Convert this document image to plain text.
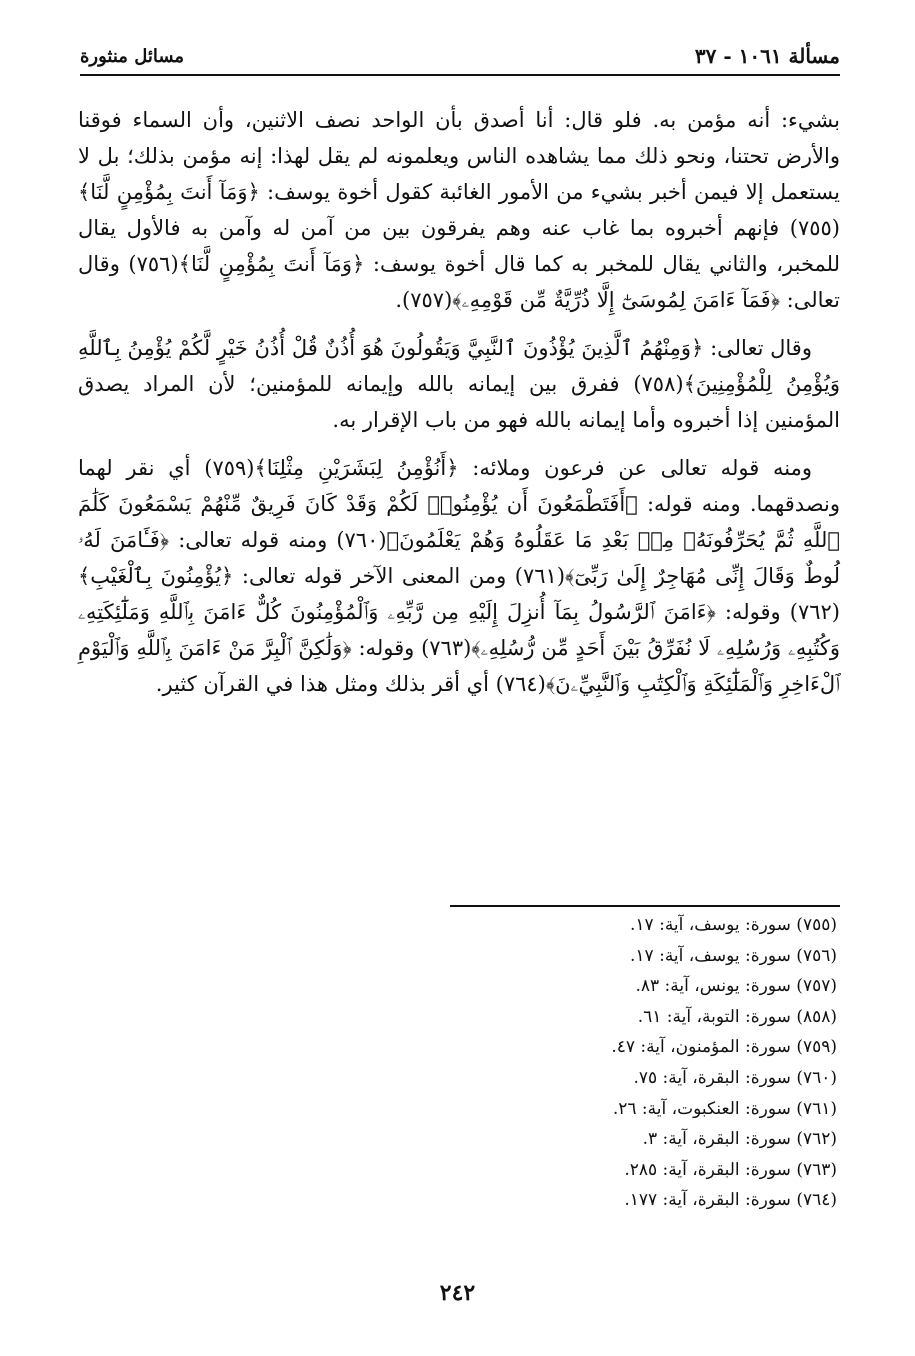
مسألة ١٠٦١ - ٣٧
مسائل منثورة

بشيء: أنه مؤمن به. فلو قال: أنا أصدق بأن الواحد نصف الاثنين، وأن السماء فوقنا والأرض تحتنا، ونحو ذلك مما يشاهده الناس ويعلمونه لم يقل لهذا: إنه مؤمن بذلك؛ بل لا يستعمل إلا فيمن أخبر بشيء من الأمور الغائبة كقول أخوة يوسف: ﴿وَمَآ أَنتَ بِمُؤْمِنٍ لَّنَا﴾(٧٥٥) فإنهم أخبروه بما غاب عنه وهم يفرقون بين من آمن له وآمن به فالأول يقال للمخبر، والثاني يقال للمخبر به كما قال أخوة يوسف: ﴿وَمَآ أَنتَ بِمُؤْمِنٍ لَّنَا﴾(٧٥٦) وقال تعالى: ﴿فَمَآ ءَامَنَ لِمُوسَىٰٓ إِلَّا ذُرِّيَّةٌ مِّن قَوْمِهِۦ﴾(٧٥٧).

وقال تعالى: ﴿وَمِنْهُمُ ٱلَّذِينَ يُؤْذُونَ ٱلنَّبِيَّ وَيَقُولُونَ هُوَ أُذُنٌ قُلْ أُذُنُ خَيْرٍ لَّكُمْ يُؤْمِنُ بِٱللَّهِ وَيُؤْمِنُ لِلْمُؤْمِنِينَ﴾(٧٥٨) ففرق بين إيمانه بالله وإيمانه للمؤمنين؛ لأن المراد يصدق المؤمنين إذا أخبروه وأما إيمانه بالله فهو من باب الإقرار به.

ومنه قوله تعالى عن فرعون وملائه: ﴿أَنُؤْمِنُ لِبَشَرَيْنِ مِثْلِنَا﴾(٧٥٩) أي نقر لهما ونصدقهما. ومنه قوله: ﴿أَفَتَطْمَعُونَ أَن يُؤْمِنُوا۟ لَكُمْ وَقَدْ كَانَ فَرِيقٌ مِّنْهُمْ يَسْمَعُونَ كَلَٰمَ ٱللَّهِ ثُمَّ يُحَرِّفُونَهُۥ مِنۢ بَعْدِ مَا عَقَلُوهُ وَهُمْ يَعْلَمُونَ﴾(٧٦٠) ومنه قوله تعالى: ﴿فَـَٔامَنَ لَهُۥ لُوطٌ وَقَالَ إِنِّى مُهَاجِرٌ إِلَىٰ رَبِّىٓ﴾(٧٦١) ومن المعنى الآخر قوله تعالى: ﴿يُؤْمِنُونَ بِٱلْغَيْبِ﴾(٧٦٢) وقوله: ﴿ءَامَنَ ٱلرَّسُولُ بِمَآ أُنزِلَ إِلَيْهِ مِن رَّبِّهِۦ وَٱلْمُؤْمِنُونَ كُلٌّ ءَامَنَ بِٱللَّهِ وَمَلَٰٓئِكَتِهِۦ وَكُتُبِهِۦ وَرُسُلِهِۦ لَا نُفَرِّقُ بَيْنَ أَحَدٍ مِّن رُّسُلِهِۦ﴾(٧٦٣) وقوله: ﴿وَلَٰكِنَّ ٱلْبِرَّ مَنْ ءَامَنَ بِٱللَّهِ وَٱلْيَوْمِ ٱلْءَاخِرِ وَٱلْمَلَٰٓئِكَةِ وَٱلْكِتَٰبِ وَٱلنَّبِيِّۦنَ﴾(٧٦٤) أي أقر بذلك ومثل هذا في القرآن كثير.

(٧٥٥) سورة: يوسف، آية: ١٧.
(٧٥٦) سورة: يوسف، آية: ١٧.
(٧٥٧) سورة: يونس، آية: ٨٣.
(٨٥٨) سورة: التوبة، آية: ٦١.
(٧٥٩) سورة: المؤمنون، آية: ٤٧.
(٧٦٠) سورة: البقرة، آية: ٧٥.
(٧٦١) سورة: العنكبوت، آية: ٢٦.
(٧٦٢) سورة: البقرة، آية: ٣.
(٧٦٣) سورة: البقرة، آية: ٢٨٥.
(٧٦٤) سورة: البقرة، آية: ١٧٧.
٢٤٢
